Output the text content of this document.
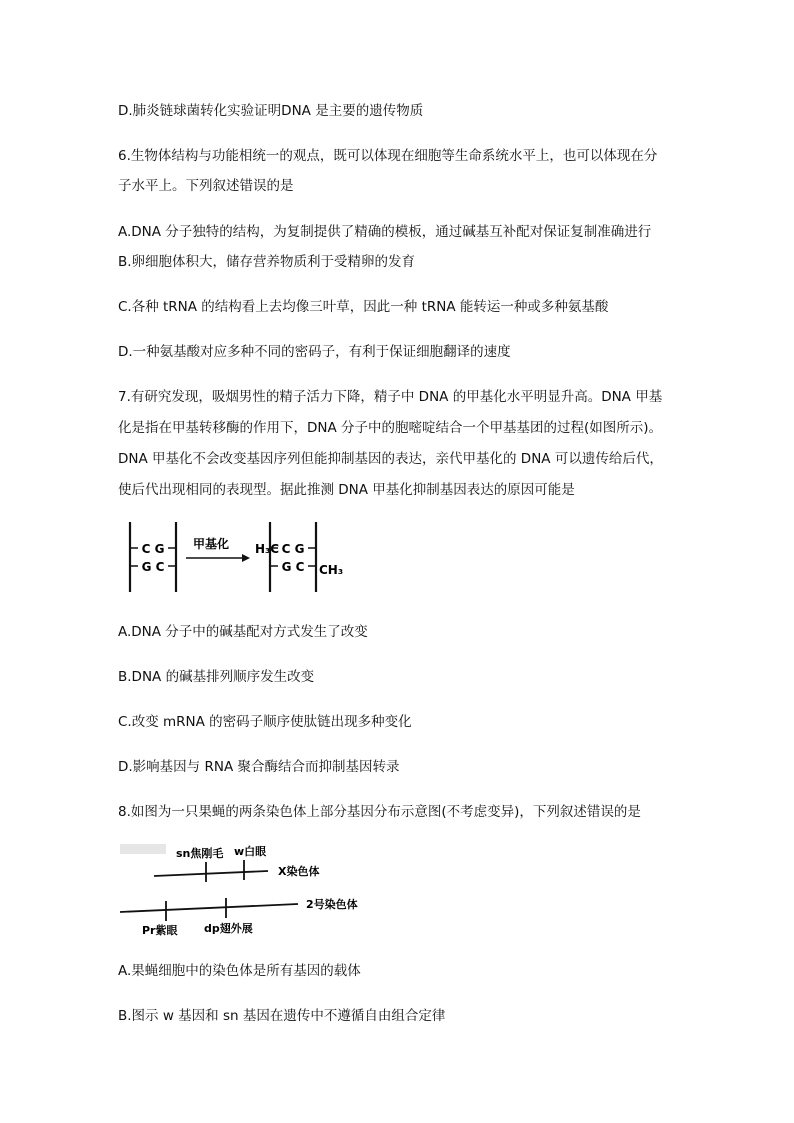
D.肺炎链球菌转化实验证明DNA 是主要的遗传物质
6.生物体结构与功能相统一的观点，既可以体现在细胞等生命系统水平上，也可以体现在分
子水平上。下列叙述错误的是
A.DNA 分子独特的结构，为复制提供了精确的模板，通过碱基互补配对保证复制准确进行
B.卵细胞体积大，储存营养物质利于受精卵的发育
C.各种 tRNA 的结构看上去均像三叶草，因此一种 tRNA 能转运一种或多种氨基酸
D.一种氨基酸对应多种不同的密码子，有利于保证细胞翻译的速度
7.有研究发现，吸烟男性的精子活力下降，精子中 DNA 的甲基化水平明显升高。DNA 甲基
化是指在甲基转移酶的作用下，DNA 分子中的胞嘧啶结合一个甲基基团的过程(如图所示)。
DNA 甲基化不会改变基因序列但能抑制基因的表达，亲代甲基化的 DNA 可以遗传给后代，
使后代出现相同的表现型。据此推测 DNA 甲基化抑制基因表达的原因可能是
C G
G C
甲基化 H₃C C G
G C CH₃
A.DNA 分子中的碱基配对方式发生了改变
B.DNA 的碱基排列顺序发生改变
C.改变 mRNA 的密码子顺序使肽链出现多种变化
D.影响基因与 RNA 聚合酶结合而抑制基因转录
8.如图为一只果蝇的两条染色体上部分基因分布示意图(不考虑变异)，下列叙述错误的是
sn焦刚毛 w白眼
X染色体
2号染色体
Pr紫眼 dp翅外展
A.果蝇细胞中的染色体是所有基因的载体
B.图示 w 基因和 sn 基因在遗传中不遵循自由组合定律
